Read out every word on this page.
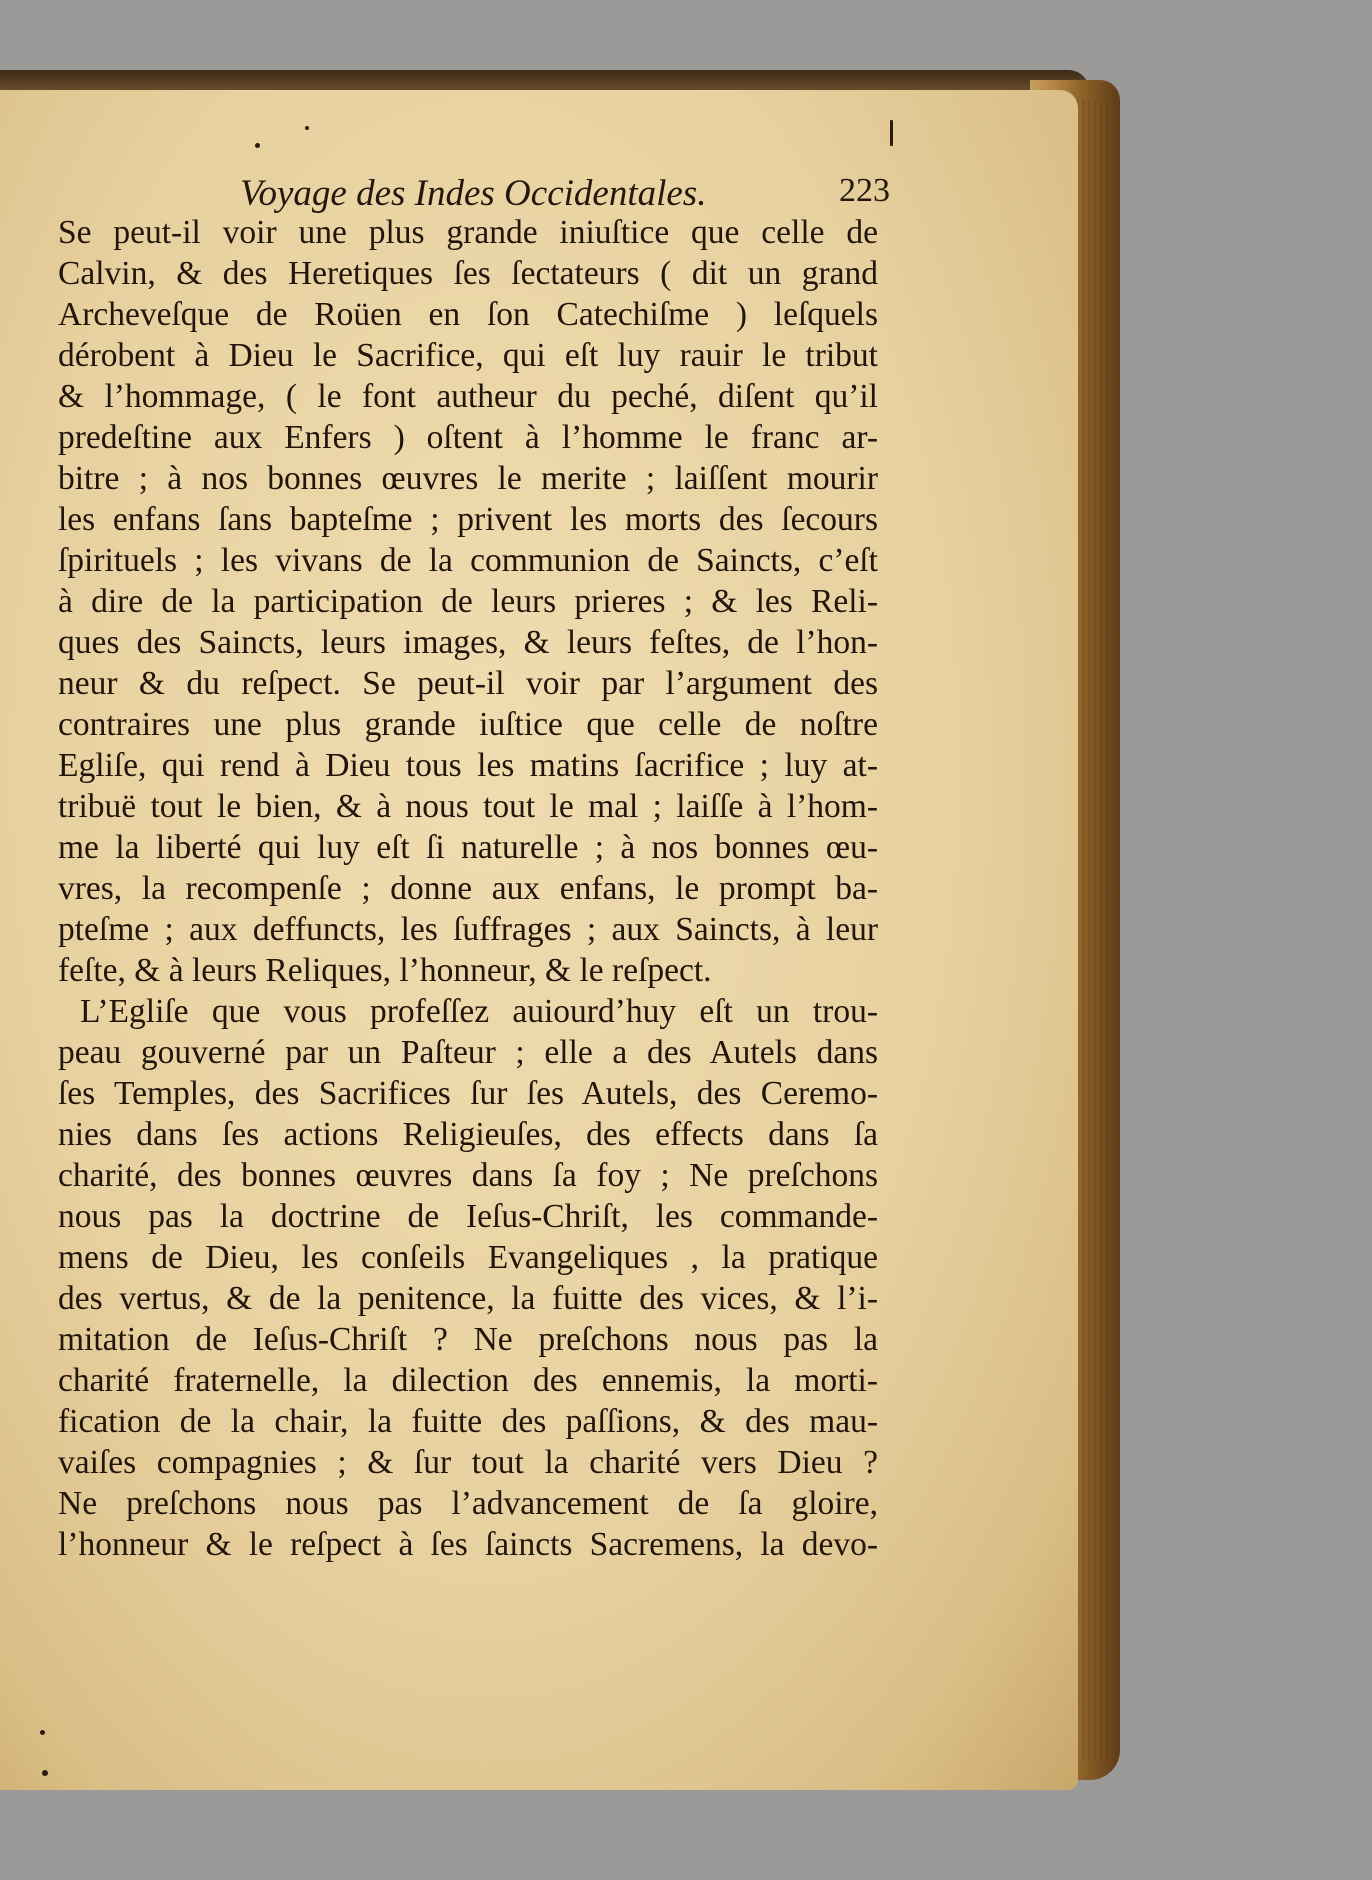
Voyage des Indes Occidentales.	223
Se peut-il voir une plus grande iniuſtice que celle de
Calvin, & des Heretiques ſes ſectateurs ( dit un grand
Archeveſque de Roüen en ſon Catechiſme ) leſquels
dérobent à Dieu le Sacrifice, qui eſt luy rauir le tribut
& l’hommage, ( le font autheur du peché, diſent qu’il
predeſtine aux Enfers ) oſtent à l’homme le franc ar-
bitre ; à nos bonnes œuvres le merite ; laiſſent mourir
les enfans ſans bapteſme ; privent les morts des ſecours
ſpirituels ; les vivans de la communion de Saincts, c’eſt
à dire de la participation de leurs prieres ; & les Reli-
ques des Saincts, leurs images, & leurs feſtes, de l’hon-
neur & du reſpect. Se peut-il voir par l’argument des
contraires une plus grande iuſtice que celle de noſtre
Egliſe, qui rend à Dieu tous les matins ſacrifice ; luy at-
tribuë tout le bien, & à nous tout le mal ; laiſſe à l’hom-
me la liberté qui luy eſt ſi naturelle ; à nos bonnes œu-
vres, la recompenſe ; donne aux enfans, le prompt ba-
pteſme ; aux deffuncts, les ſuffrages ; aux Saincts, à leur
feſte, & à leurs Reliques, l’honneur, & le reſpect.
L’Egliſe que vous profeſſez auiourd’huy eſt un trou-
peau gouverné par un Paſteur ; elle a des Autels dans
ſes Temples, des Sacrifices ſur ſes Autels, des Ceremo-
nies dans ſes actions Religieuſes, des effects dans ſa
charité, des bonnes œuvres dans ſa foy ; Ne preſchons
nous pas la doctrine de Ieſus-Chriſt, les commande-
mens de Dieu, les conſeils Evangeliques , la pratique
des vertus, & de la penitence, la fuitte des vices, & l’i-
mitation de Ieſus-Chriſt ? Ne preſchons nous pas la
charité fraternelle, la dilection des ennemis, la morti-
fication de la chair, la fuitte des paſſions, & des mau-
vaiſes compagnies ; & ſur tout la charité vers Dieu ?
Ne preſchons nous pas l’advancement de ſa gloire,
l’honneur & le reſpect à ſes ſaincts Sacremens, la devo-
